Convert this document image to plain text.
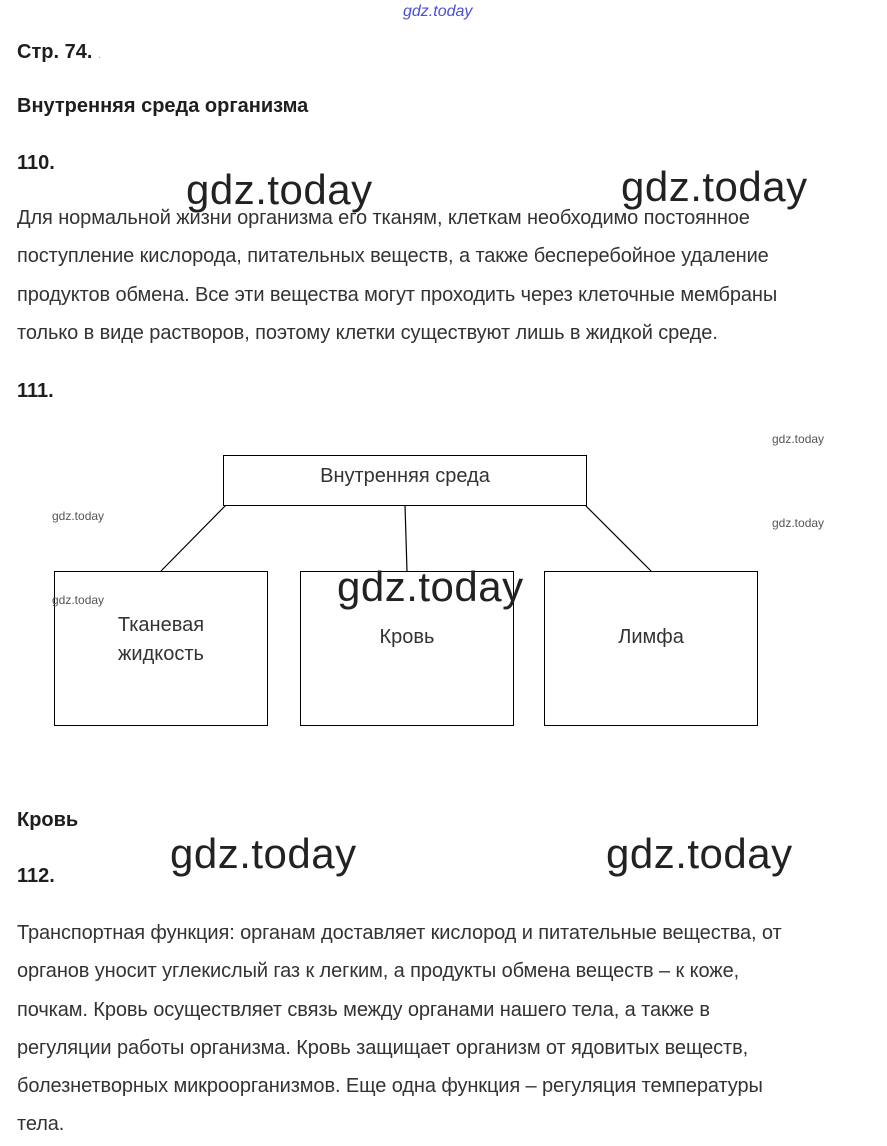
gdz.today
Стр. 74. .
Внутренняя среда организма
110.
Для нормальной жизни организма его тканям, клеткам необходимо постоянное
поступление кислорода, питательных веществ, а также бесперебойное удаление
продуктов обмена. Все эти вещества могут проходить через клеточные мембраны
только в виде растворов, поэтому клетки существуют лишь в жидкой среде.
gdz.today	gdz.today
111.
Внутренняя среда
Тканевая жидкость
Кровь	Лимфа
gdz.today
gdz.today	gdz.today
gdz.today	gdz.today
Кровь
gdz.today	gdz.today
112.
Транспортная функция: органам доставляет кислород и питательные вещества, от
органов уносит углекислый газ к легким, а продукты обмена веществ – к коже,
почкам. Кровь осуществляет связь между органами нашего тела, а также в
регуляции работы организма. Кровь защищает организм от ядовитых веществ,
болезнетворных микроорганизмов. Еще одна функция – регуляция температуры
тела.
